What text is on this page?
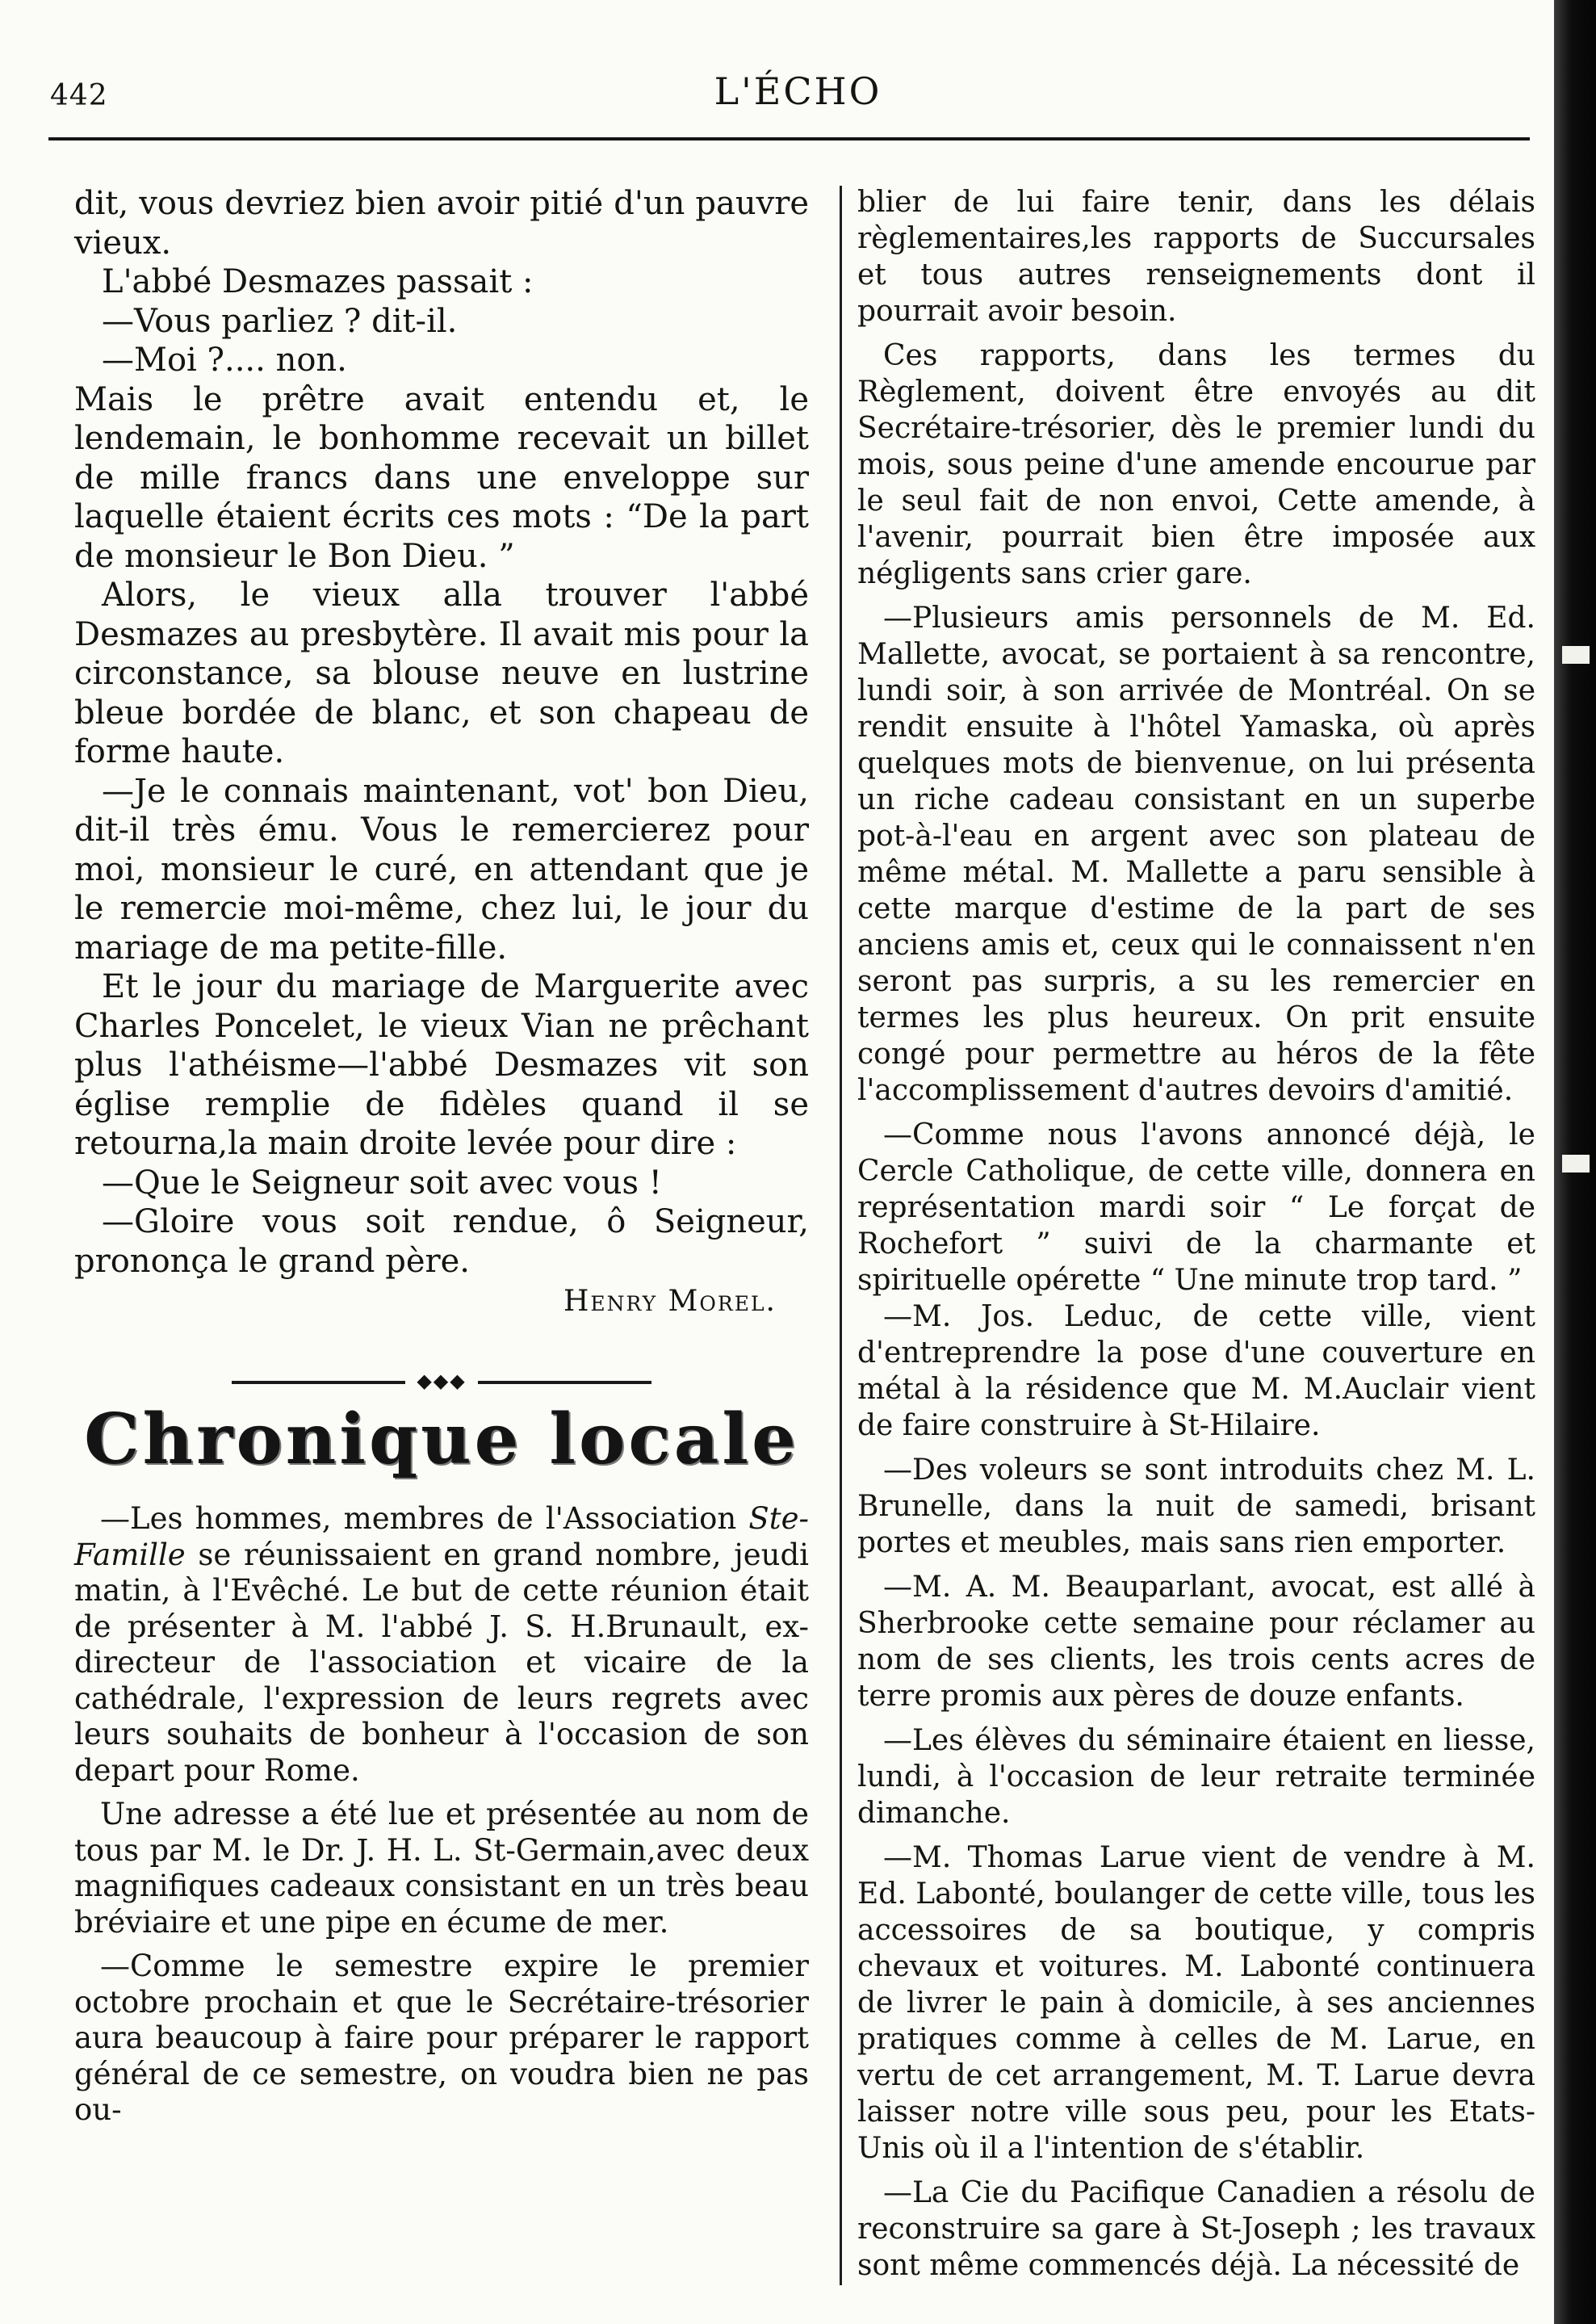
442	L'ÉCHO

dit, vous devriez bien avoir pitié d'un pauvre vieux.

L'abbé Desmazes passait :

—Vous parliez ? dit-il.

—Moi ?.... non.

Mais le prêtre avait entendu et, le lendemain, le bonhomme recevait un billet de mille francs dans une enveloppe sur laquelle étaient écrits ces mots : “De la part de monsieur le Bon Dieu. ”

Alors, le vieux alla trouver l'abbé Desmazes au presbytère. Il avait mis pour la circonstance, sa blouse neuve en lustrine bleue bordée de blanc, et son chapeau de forme haute.

—Je le connais maintenant, vot' bon Dieu, dit-il très ému. Vous le remercierez pour moi, monsieur le curé, en attendant que je le remercie moi-même, chez lui, le jour du mariage de ma petite-fille.

Et le jour du mariage de Marguerite avec Charles Poncelet, le vieux Vian ne prêchant plus l'athéisme—l'abbé Desmazes vit son église remplie de fidèles quand il se retourna,la main droite levée pour dire :

—Que le Seigneur soit avec vous !

—Gloire vous soit rendue, ô Seigneur, prononça le grand père.

Henry Morel.

◆◆◆
Chronique locale

—Les hommes, membres de l'Association Ste-Famille se réunissaient en grand nombre, jeudi matin, à l'Evêché. Le but de cette réunion était de présenter à M. l'abbé J. S. H.Brunault, ex-directeur de l'association et vicaire de la cathédrale, l'expression de leurs regrets avec leurs souhaits de bonheur à l'occasion de son depart pour Rome.

Une adresse a été lue et présentée au nom de tous par M. le Dr. J. H. L. St-Germain,avec deux magnifiques cadeaux consistant en un très beau bréviaire et une pipe en écume de mer.

—Comme le semestre expire le premier octobre prochain et que le Secrétaire-trésorier aura beaucoup à faire pour préparer le rapport général de ce semestre, on voudra bien ne pas ou-

blier de lui faire tenir, dans les délais règlementaires,les rapports de Succursales et tous autres renseignements dont il pourrait avoir besoin.

Ces rapports, dans les termes du Règlement, doivent être envoyés au dit Secrétaire-trésorier, dès le premier lundi du mois, sous peine d'une amende encourue par le seul fait de non envoi, Cette amende, à l'avenir, pourrait bien être imposée aux négligents sans crier gare.

—Plusieurs amis personnels de M. Ed. Mallette, avocat, se portaient à sa rencontre, lundi soir, à son arrivée de Montréal. On se rendit ensuite à l'hôtel Yamaska, où après quelques mots de bienvenue, on lui présenta un riche cadeau consistant en un superbe pot-à-l'eau en argent avec son plateau de même métal. M. Mallette a paru sensible à cette marque d'estime de la part de ses anciens amis et, ceux qui le connaissent n'en seront pas surpris, a su les remercier en termes les plus heureux. On prit ensuite congé pour permettre au héros de la fête l'accomplissement d'autres devoirs d'amitié.

—Comme nous l'avons annoncé déjà, le Cercle Catholique, de cette ville, donnera en représentation mardi soir “ Le forçat de Rochefort ” suivi de la charmante et spirituelle opérette “ Une minute trop tard. ”

—M. Jos. Leduc, de cette ville, vient d'entreprendre la pose d'une couverture en métal à la résidence que M. M.Auclair vient de faire construire à St-Hilaire.

—Des voleurs se sont introduits chez M. L. Brunelle, dans la nuit de samedi, brisant portes et meubles, mais sans rien emporter.

—M. A. M. Beauparlant, avocat, est allé à Sherbrooke cette semaine pour réclamer au nom de ses clients, les trois cents acres de terre promis aux pères de douze enfants.

—Les élèves du séminaire étaient en liesse, lundi, à l'occasion de leur retraite terminée dimanche.

—M. Thomas Larue vient de vendre à M. Ed. Labonté, boulanger de cette ville, tous les accessoires de sa boutique, y compris chevaux et voitures. M. Labonté continuera de livrer le pain à domicile, à ses anciennes pratiques comme à celles de M. Larue, en vertu de cet arrangement, M. T. Larue devra laisser notre ville sous peu, pour les Etats-Unis où il a l'intention de s'établir.

—La Cie du Pacifique Canadien a résolu de reconstruire sa gare à St-Joseph ; les travaux sont même commencés déjà. La nécessité de
